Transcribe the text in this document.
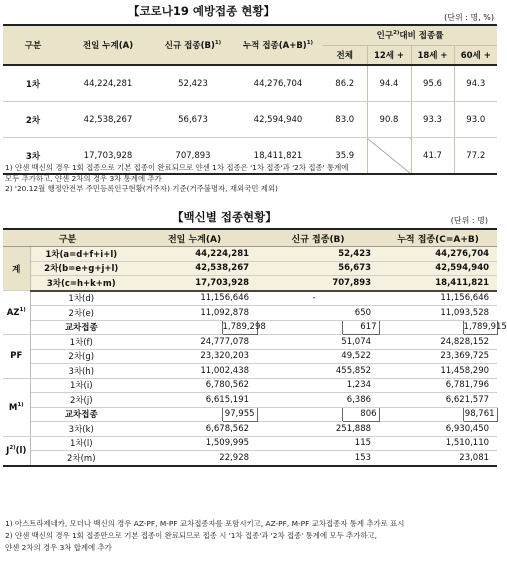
【코로나19 예방접종 현황】	(단위 : 명, %)
구분	전일 누계(A)	신규 접종$(B)^{1)}$	누적 접종$(A+B)^{1)}$	인구$^{2)}$대비 접종률			
				전체	12세 +	18세 +	60세 +
1차	44,224,281	52,423	44,276,704	86.2	94.4	95.6	94.3
2차	42,538,267	56,673	42,594,940	83.0	90.8	93.3	93.0
3차	17,703,928	707,893	18,411,821	35.9		41.7	77.2
1) 얀센 백신의 경우 1회 접종으로 기본 접종이 완료되므로 얀센 1차 접종은 '1차 접종'과 '2차 접종' 통계에
모두 추가하고, 얀센 2차의 경우 3차 통계에 추가
2) '20.12월 행정안전부 주민등록인구현황(거주자) 기준(거주불명자, 재외국민 제외)
【백신별 접종현황】	(단위 : 명)
구분		전일 누계(A)		신규 접종(B)		누적 접종(C=A+B)	
계	1차(a=d+f+i+l)	44,224,281		52,423		44,276,704	
	2차(b=e+g+j+l)	42,538,267		56,673		42,594,940	
	3차(c=h+k+m)	17,703,928		707,893		18,411,821	
AZ$^{1)}$	1차(d)	11,156,646		-		11,156,646	
	2차(e)	11,092,878		650		11,093,528	
	교차접종		1,789,298		617		1,789,915
PF	1차(f)	24,777,078		51,074		24,828,152	
	2차(g)	23,320,203		49,522		23,369,725	
	3차(h)	11,002,438		455,852		11,458,290	
$M^{1)}$	1차(i)	6,780,562		1,234		6,781,796	
	2차(j)	6,615,191		6,386		6,621,577	
	교차접종		97,955		806		98,761
	3차(k)	6,678,562		251,888		6,930,450	
$J^{2)}(l)$	1차(l)	1,509,995		115		1,510,110	
	2차(m)	22,928		153		23,081	
1) 아스트라제네카, 모더나 백신의 경우 AZ-PF, M-PF 교차접종자를 포함시키고, AZ-PF, M-PF 교차접종자 통계 추가로 표시
2) 얀센 백신의 경우 1회 접종만으로 기본 접종이 완료되므로 접종 시 '1차 접종'과 '2차 접종' 통계에 모두 추가하고,
얀센 2차의 경우 3차 합계에 추가
